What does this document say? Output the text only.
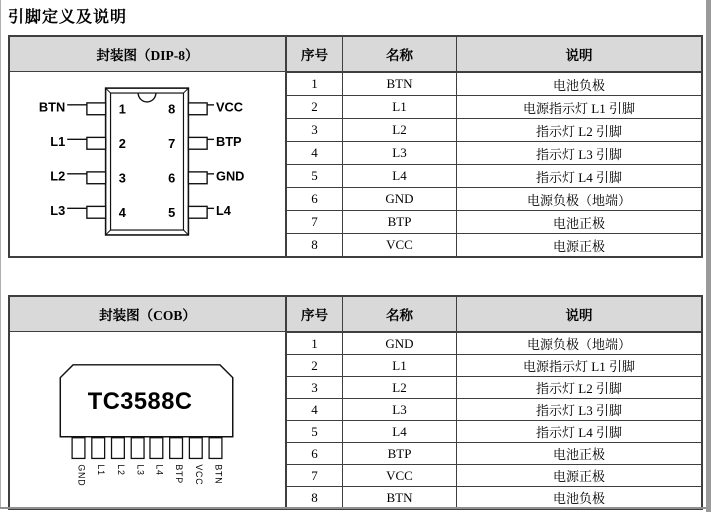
引脚定义及说明
封装图（DIP-8）
1
2
3
4
8
7
6
5
BTN
L1
L2
L3
VCC
BTP
GND
L4
序号	名称	说明
1	BTN	电池负极
2	L1	电源指示灯 L1 引脚
3	L2	指示灯 L2 引脚
4	L3	指示灯 L3 引脚
5	L4	指示灯 L4 引脚
6	GND	电源负极（地端）
7	BTP	电池正极
8	VCC	电源正极
封装图（COB）
TC3588C
GND L1 L2 L3 L4 BTP VCC BTN
序号	名称	说明
1	GND	电源负极（地端）
2	L1	电源指示灯 L1 引脚
3	L2	指示灯 L2 引脚
4	L3	指示灯 L3 引脚
5	L4	指示灯 L4 引脚
6	BTP	电池正极
7	VCC	电源正极
8	BTN	电池负极
